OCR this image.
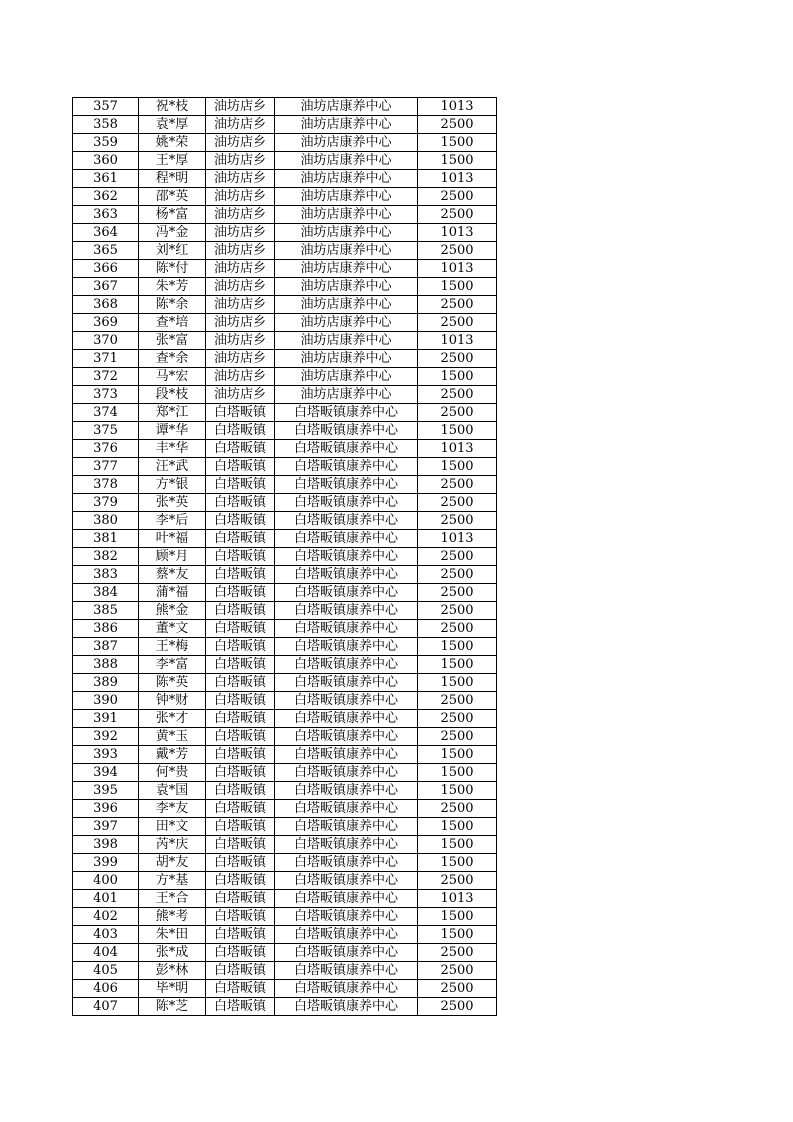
357	祝*枝	油坊店乡	油坊店康养中心	1013
358	袁*厚	油坊店乡	油坊店康养中心	2500
359	姚*荣	油坊店乡	油坊店康养中心	1500
360	王*厚	油坊店乡	油坊店康养中心	1500
361	程*明	油坊店乡	油坊店康养中心	1013
362	邵*英	油坊店乡	油坊店康养中心	2500
363	杨*富	油坊店乡	油坊店康养中心	2500
364	冯*金	油坊店乡	油坊店康养中心	1013
365	刘*红	油坊店乡	油坊店康养中心	2500
366	陈*付	油坊店乡	油坊店康养中心	1013
367	朱*芳	油坊店乡	油坊店康养中心	1500
368	陈*余	油坊店乡	油坊店康养中心	2500
369	查*培	油坊店乡	油坊店康养中心	2500
370	张*富	油坊店乡	油坊店康养中心	1013
371	查*余	油坊店乡	油坊店康养中心	2500
372	马*宏	油坊店乡	油坊店康养中心	1500
373	段*枝	油坊店乡	油坊店康养中心	2500
374	郑*江	白塔畈镇	白塔畈镇康养中心	2500
375	谭*华	白塔畈镇	白塔畈镇康养中心	1500
376	丰*华	白塔畈镇	白塔畈镇康养中心	1013
377	汪*武	白塔畈镇	白塔畈镇康养中心	1500
378	方*银	白塔畈镇	白塔畈镇康养中心	2500
379	张*英	白塔畈镇	白塔畈镇康养中心	2500
380	李*后	白塔畈镇	白塔畈镇康养中心	2500
381	叶*福	白塔畈镇	白塔畈镇康养中心	1013
382	顾*月	白塔畈镇	白塔畈镇康养中心	2500
383	蔡*友	白塔畈镇	白塔畈镇康养中心	2500
384	蒲*福	白塔畈镇	白塔畈镇康养中心	2500
385	熊*金	白塔畈镇	白塔畈镇康养中心	2500
386	董*文	白塔畈镇	白塔畈镇康养中心	2500
387	王*梅	白塔畈镇	白塔畈镇康养中心	1500
388	李*富	白塔畈镇	白塔畈镇康养中心	1500
389	陈*英	白塔畈镇	白塔畈镇康养中心	1500
390	钟*财	白塔畈镇	白塔畈镇康养中心	2500
391	张*才	白塔畈镇	白塔畈镇康养中心	2500
392	黄*玉	白塔畈镇	白塔畈镇康养中心	2500
393	戴*芳	白塔畈镇	白塔畈镇康养中心	1500
394	何*贵	白塔畈镇	白塔畈镇康养中心	1500
395	袁*国	白塔畈镇	白塔畈镇康养中心	1500
396	李*友	白塔畈镇	白塔畈镇康养中心	2500
397	田*文	白塔畈镇	白塔畈镇康养中心	1500
398	芮*庆	白塔畈镇	白塔畈镇康养中心	1500
399	胡*友	白塔畈镇	白塔畈镇康养中心	1500
400	方*基	白塔畈镇	白塔畈镇康养中心	2500
401	王*合	白塔畈镇	白塔畈镇康养中心	1013
402	熊*考	白塔畈镇	白塔畈镇康养中心	1500
403	朱*田	白塔畈镇	白塔畈镇康养中心	1500
404	张*成	白塔畈镇	白塔畈镇康养中心	2500
405	彭*林	白塔畈镇	白塔畈镇康养中心	2500
406	毕*明	白塔畈镇	白塔畈镇康养中心	2500
407	陈*芝	白塔畈镇	白塔畈镇康养中心	2500
